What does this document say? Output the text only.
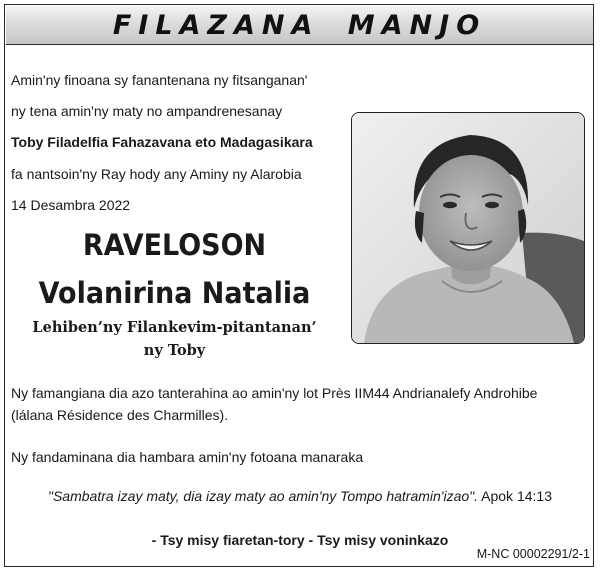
FILAZANA MANJO
Amin'ny finoana sy fanantenana ny fitsanganan'
ny tena amin'ny maty no ampandrenesanay
Toby Filadelfia Fahazavana eto Madagasikara
fa nantsoin'ny Ray hody any Aminy ny Alarobia
14 Desambra 2022
RAVELOSON
Volanirina Natalia
Lehiben’ny Filankevim-pitantanan’
ny Toby
Ny famangiana dia azo tanterahina ao amin'ny lot Près IIM44 Andrianalefy Androhibe
(lálana Résidence des Charmilles).
Ny fandaminana dia hambara amin'ny fotoana manaraka
"Sambatra izay maty, dia izay maty ao amin'ny Tompo hatramin'izao". Apok 14:13
- Tsy misy fiaretan-tory - Tsy misy voninkazo
M-NC 00002291/2-1
